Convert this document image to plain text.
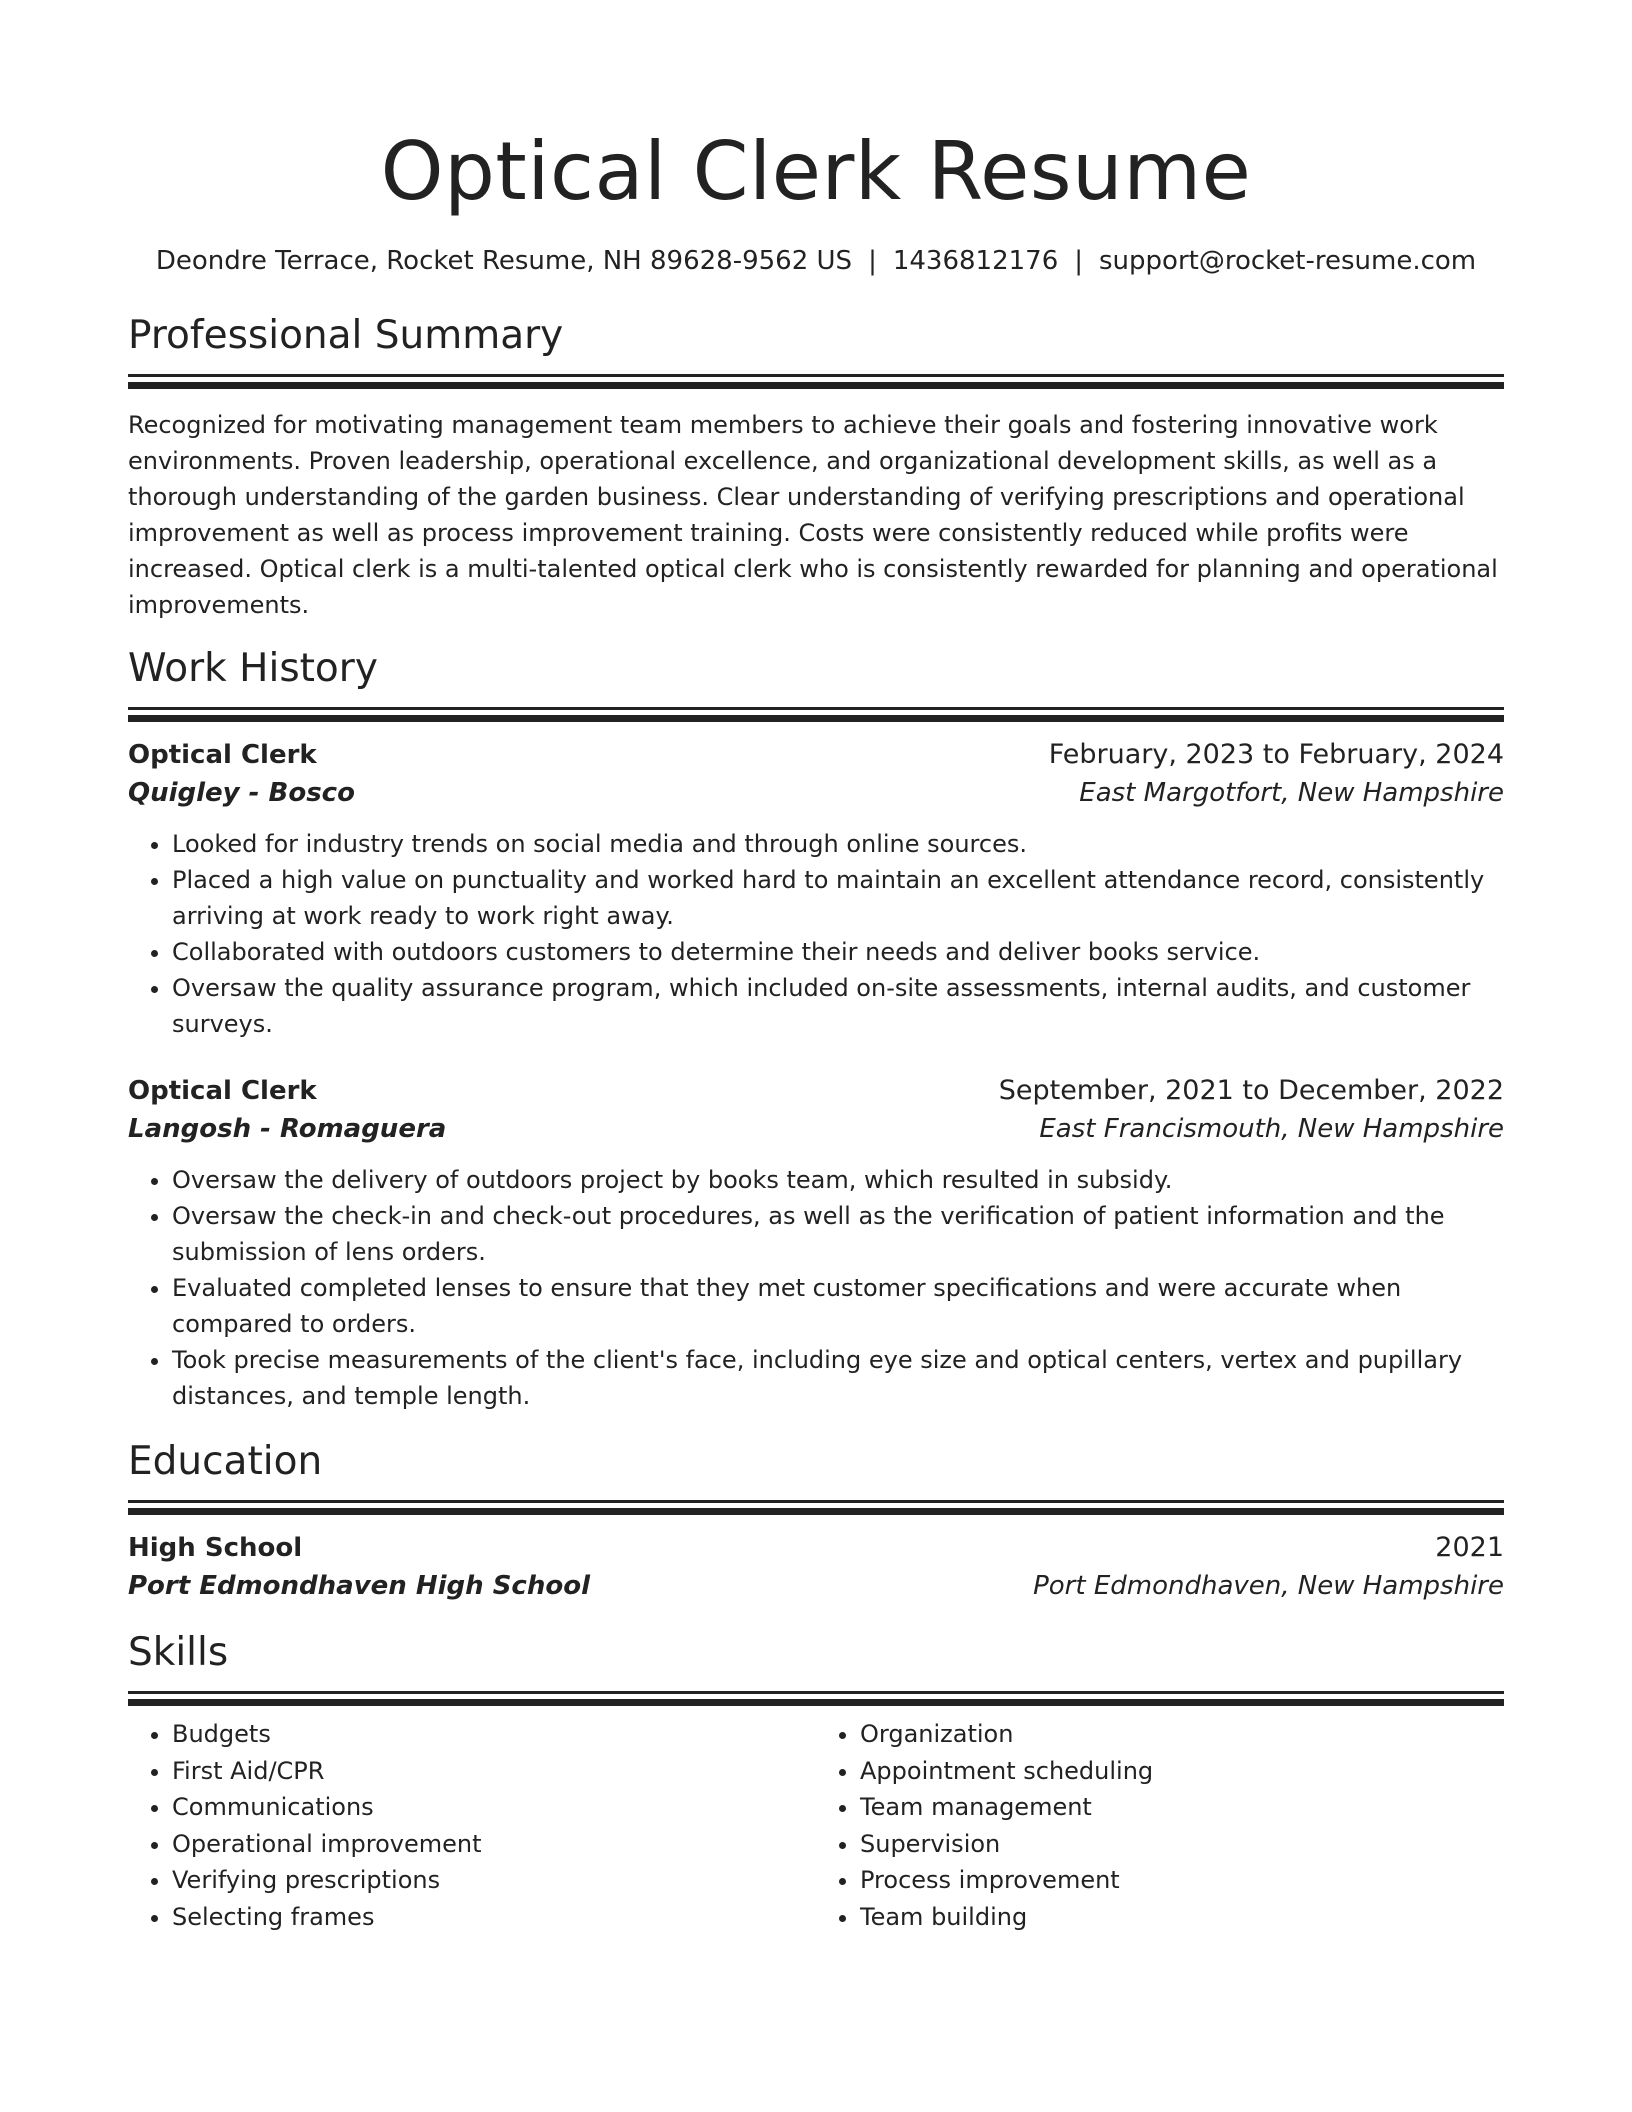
Optical Clerk Resume
Deondre Terrace, Rocket Resume, NH 89628-9562 US | 1436812176 | support@rocket-resume.com
Professional Summary

Recognized for motivating management team members to achieve their goals and fostering innovative work environments. Proven leadership, operational excellence, and organizational development skills, as well as a thorough understanding of the garden business. Clear understanding of verifying prescriptions and operational improvement as well as process improvement training. Costs were consistently reduced while profits were increased. Optical clerk is a multi-talented optical clerk who is consistently rewarded for planning and operational improvements.

Work History
Optical Clerk	February, 2023 to February, 2024
Quigley - Bosco	East Margotfort, New Hampshire
• Looked for industry trends on social media and through online sources.
• Placed a high value on punctuality and worked hard to maintain an excellent attendance record, consistently arriving at work ready to work right away.
• Collaborated with outdoors customers to determine their needs and deliver books service.
• Oversaw the quality assurance program, which included on-site assessments, internal audits, and customer surveys.
Optical Clerk	September, 2021 to December, 2022
Langosh - Romaguera	East Francismouth, New Hampshire
• Oversaw the delivery of outdoors project by books team, which resulted in subsidy.
• Oversaw the check-in and check-out procedures, as well as the verification of patient information and the submission of lens orders.
• Evaluated completed lenses to ensure that they met customer specifications and were accurate when compared to orders.
• Took precise measurements of the client's face, including eye size and optical centers, vertex and pupillary distances, and temple length.
Education
High School	2021
Port Edmondhaven High School	Port Edmondhaven, New Hampshire
Skills
• Budgets
• First Aid/CPR
• Communications
• Operational improvement
• Verifying prescriptions
• Selecting frames
• Organization
• Appointment scheduling
• Team management
• Supervision
• Process improvement
• Team building
